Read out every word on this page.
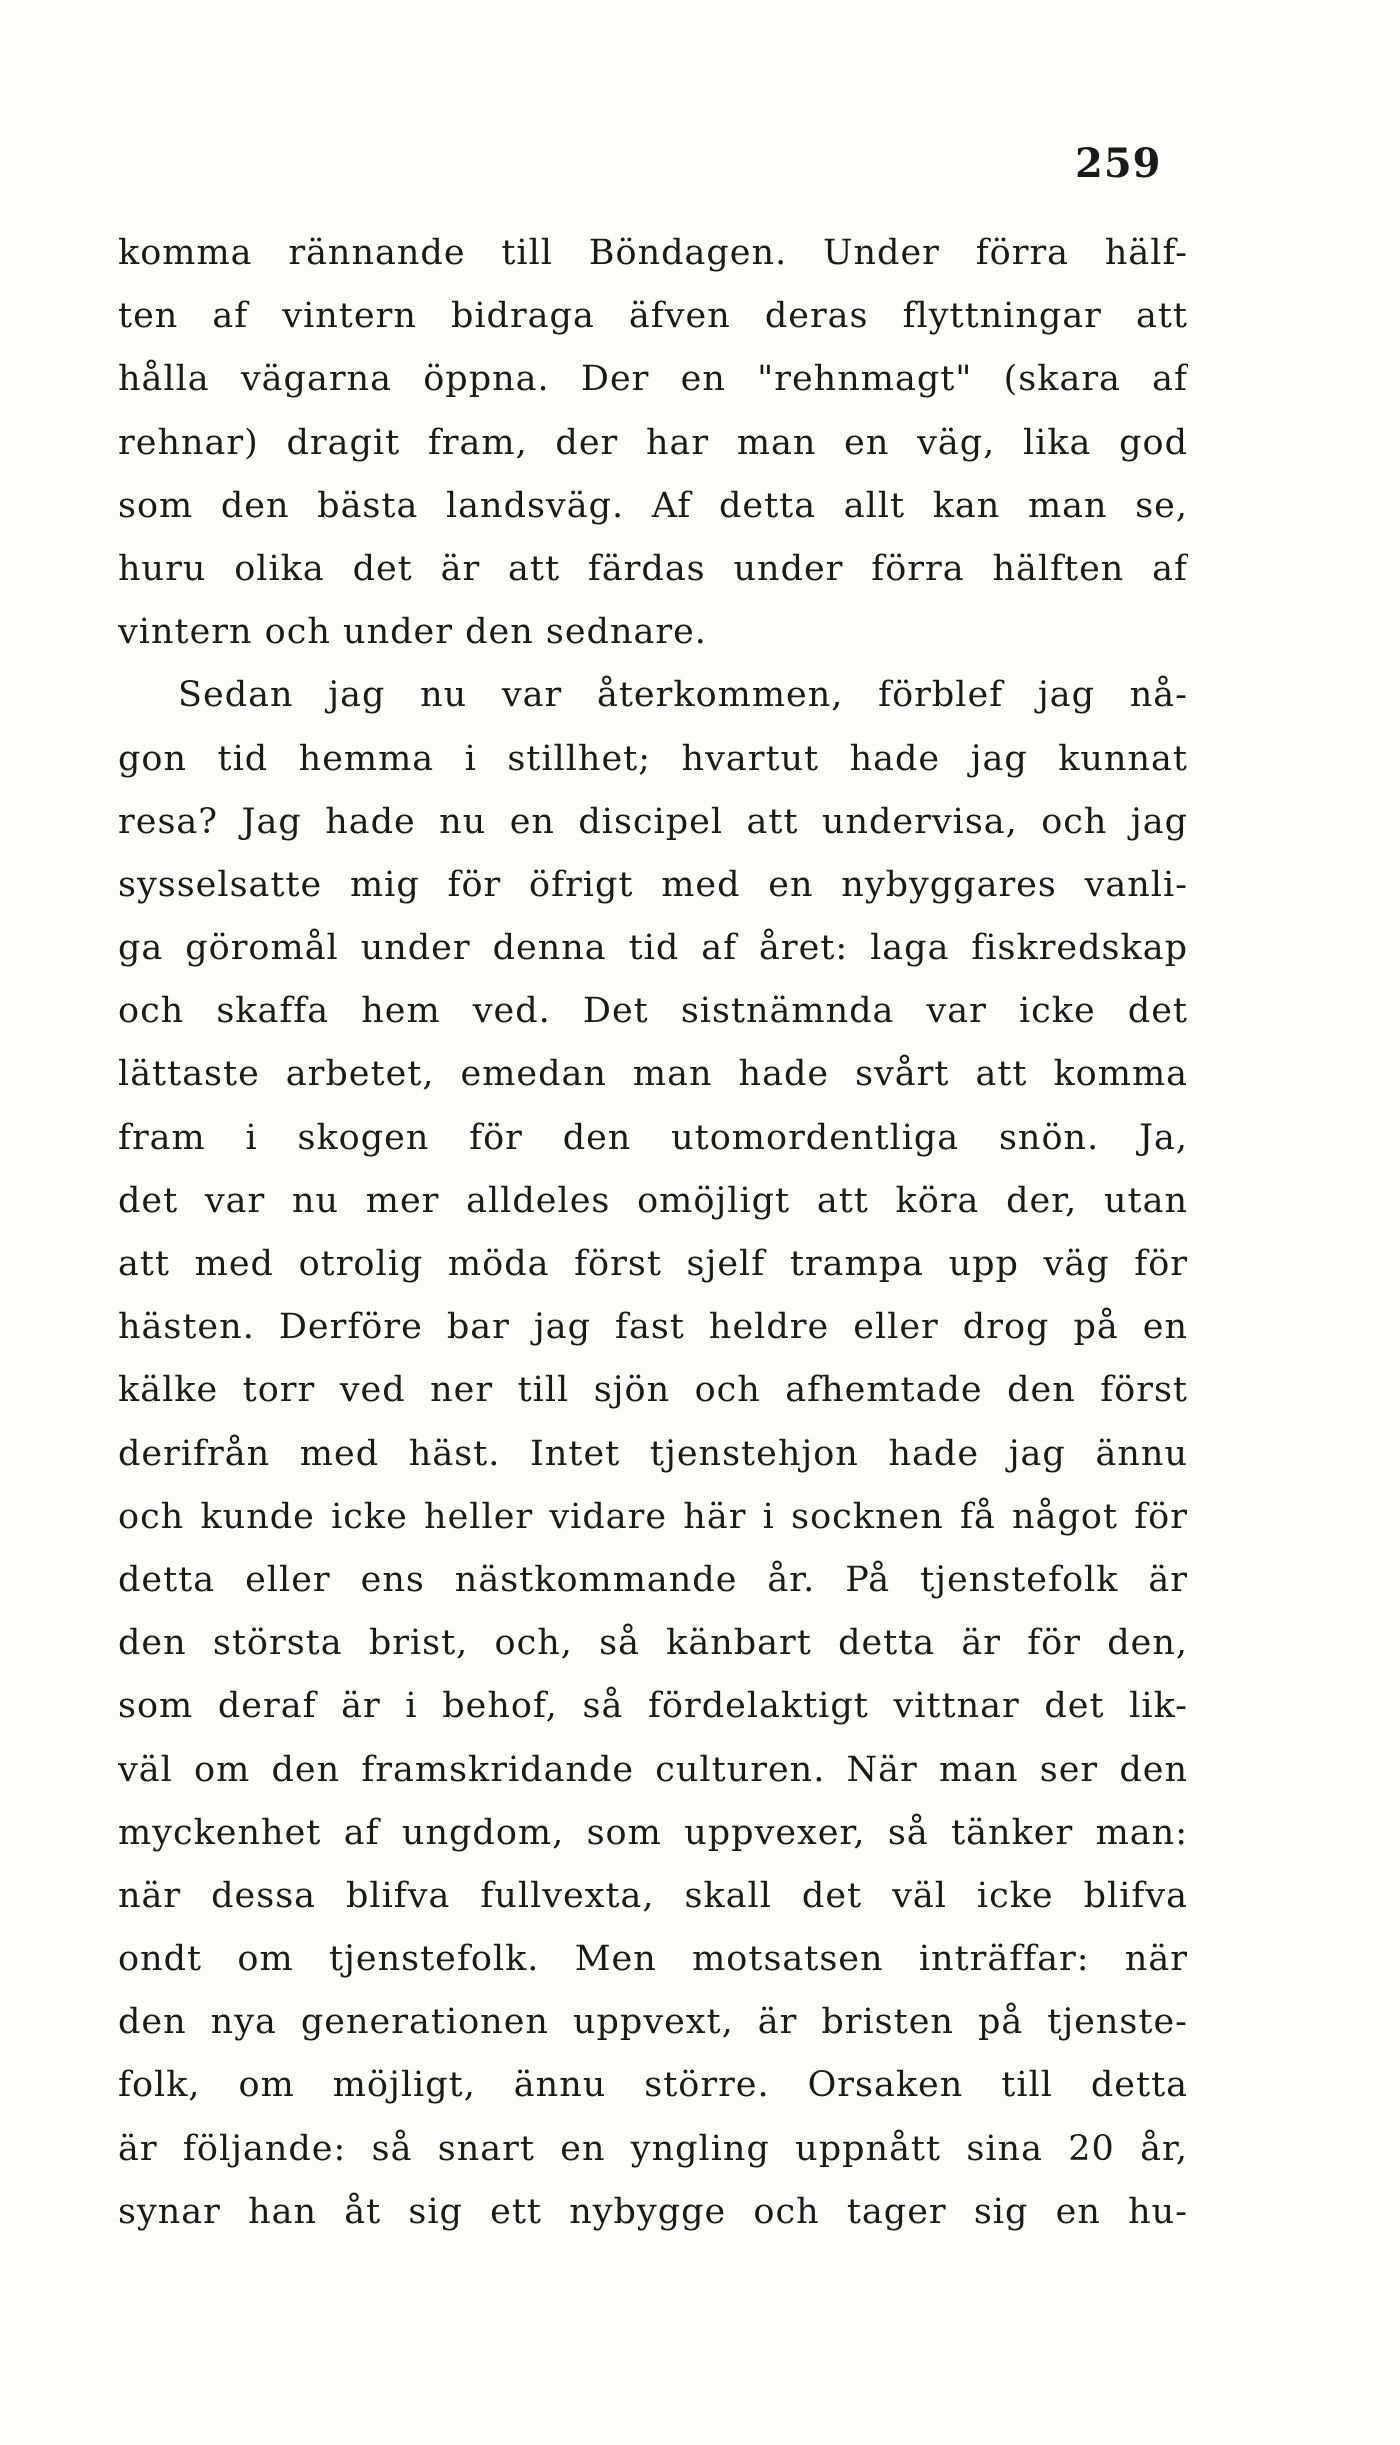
259
komma rännande till Böndagen. Under förra hälf-
ten af vintern bidraga äfven deras flyttningar att
hålla vägarna öppna. Der en "rehnmagt" (skara af
rehnar) dragit fram, der har man en väg, lika god
som den bästa landsväg. Af detta allt kan man se,
huru olika det är att färdas under förra hälften af
vintern och under den sednare.
Sedan jag nu var återkommen, förblef jag nå-
gon tid hemma i stillhet; hvartut hade jag kunnat
resa? Jag hade nu en discipel att undervisa, och jag
sysselsatte mig för öfrigt med en nybyggares vanli-
ga göromål under denna tid af året: laga fiskredskap
och skaffa hem ved. Det sistnämnda var icke det
lättaste arbetet, emedan man hade svårt att komma
fram i skogen för den utomordentliga snön. Ja,
det var nu mer alldeles omöjligt att köra der, utan
att med otrolig möda först sjelf trampa upp väg för
hästen. Derföre bar jag fast heldre eller drog på en
kälke torr ved ner till sjön och afhemtade den först
derifrån med häst. Intet tjenstehjon hade jag ännu
och kunde icke heller vidare här i socknen få något för
detta eller ens nästkommande år. På tjenstefolk är
den största brist, och, så känbart detta är för den,
som deraf är i behof, så fördelaktigt vittnar det lik-
väl om den framskridande culturen. När man ser den
myckenhet af ungdom, som uppvexer, så tänker man:
när dessa blifva fullvexta, skall det väl icke blifva
ondt om tjenstefolk. Men motsatsen inträffar: när
den nya generationen uppvext, är bristen på tjenste-
folk, om möjligt, ännu större. Orsaken till detta
är följande: så snart en yngling uppnått sina 20 år,
synar han åt sig ett nybygge och tager sig en hu-
